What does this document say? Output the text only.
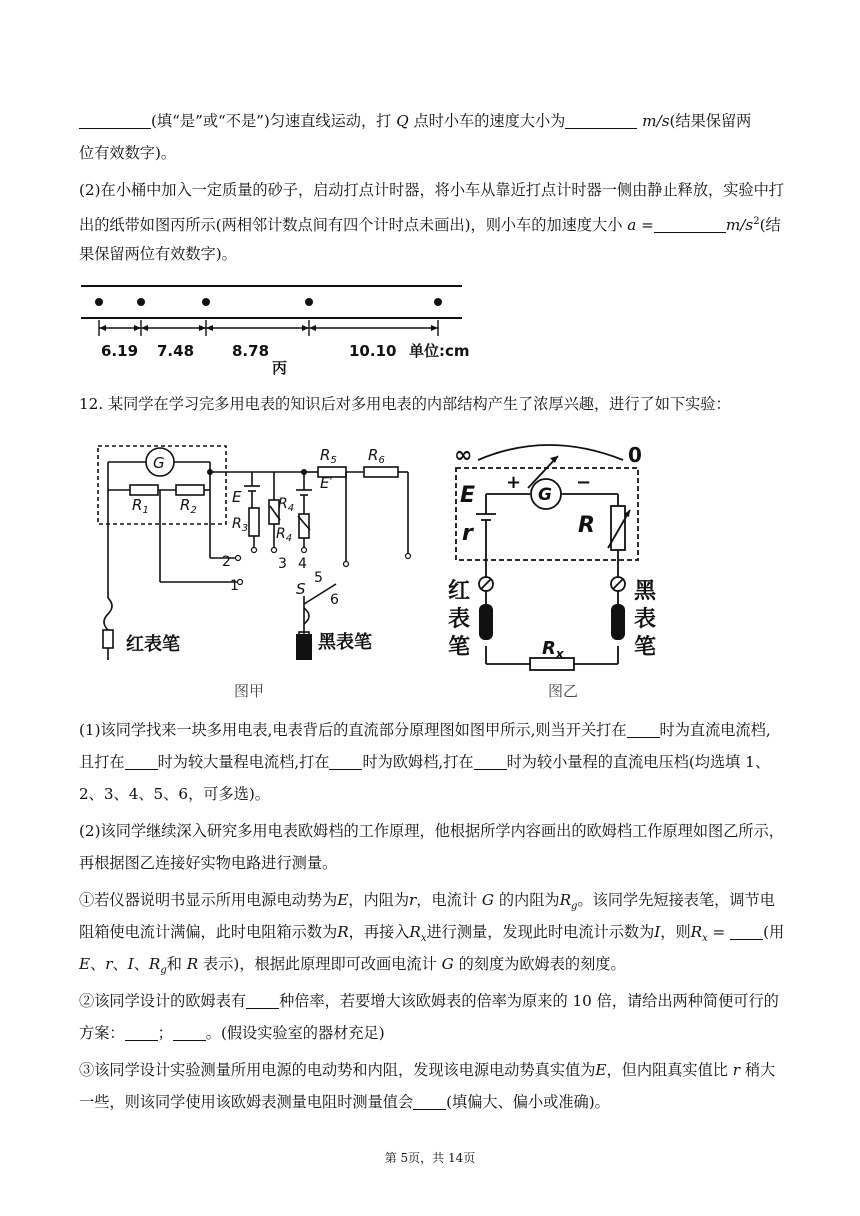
(填“是”或“不是”)匀速直线运动，打 Q 点时小车的速度大小为	m/s(结果保留两
位有效数字)。
(2)在小桶中加入一定质量的砂子，启动打点计时器，将小车从靠近打点计时器一侧由静止释放，实验中打
出的纸带如图丙所示(两相邻计数点间有四个计时点未画出)，则小车的加速度大小 a =	$m/s^2$(结
果保留两位有效数字)。
6.19 7.48	8.78	10.10 单位:cm
丙
12. 某同学在学习完多用电表的知识后对多用电表的内部结构产生了浓厚兴趣，进行了如下实验：
G
$R_1$ $R_2$
E
$R_3$
$R_4$
$R_4$
E′
$R_5$ $R_6$
2
1
3 4
5
6
S
红表笔	黑表笔
图甲
∞	0
+	−
G
E
r	R
$R_x$
红
表
笔
黑
表
笔
图乙
(1)该同学找来一块多用电表,电表背后的直流部分原理图如图甲所示,则当开关打在 时为直流电流档,
且打在 时为较大量程电流档,打在 时为欧姆档,打在 时为较小量程的直流电压档(均选填 1、
2、3、4、5、6，可多选)。
(2)该同学继续深入研究多用电表欧姆档的工作原理，他根据所学内容画出的欧姆档工作原理如图乙所示，
再根据图乙连接好实物电路进行测量。
①若仪器说明书显示所用电源电动势为E，内阻为r，电流计 G 的内阻为$R_g$。该同学先短接表笔，调节电
阻箱使电流计满偏，此时电阻箱示数为R，再接入$R_x$进行测量，发现此时电流计示数为I，则$R_x$ = (用
E、r、I、$R_g$和 R 表示)，根据此原理即可改画电流计 G 的刻度为欧姆表的刻度。
②该同学设计的欧姆表有 种倍率，若要增大该欧姆表的倍率为原来的 10 倍，请给出两种简便可行的
方案： ； 。(假设实验室的器材充足)
③该同学设计实验测量所用电源的电动势和内阻，发现该电源电动势真实值为E，但内阻真实值比 r 稍大
一些，则该同学使用该欧姆表测量电阻时测量值会 (填偏大、偏小或准确)。
第 5页，共 14页
